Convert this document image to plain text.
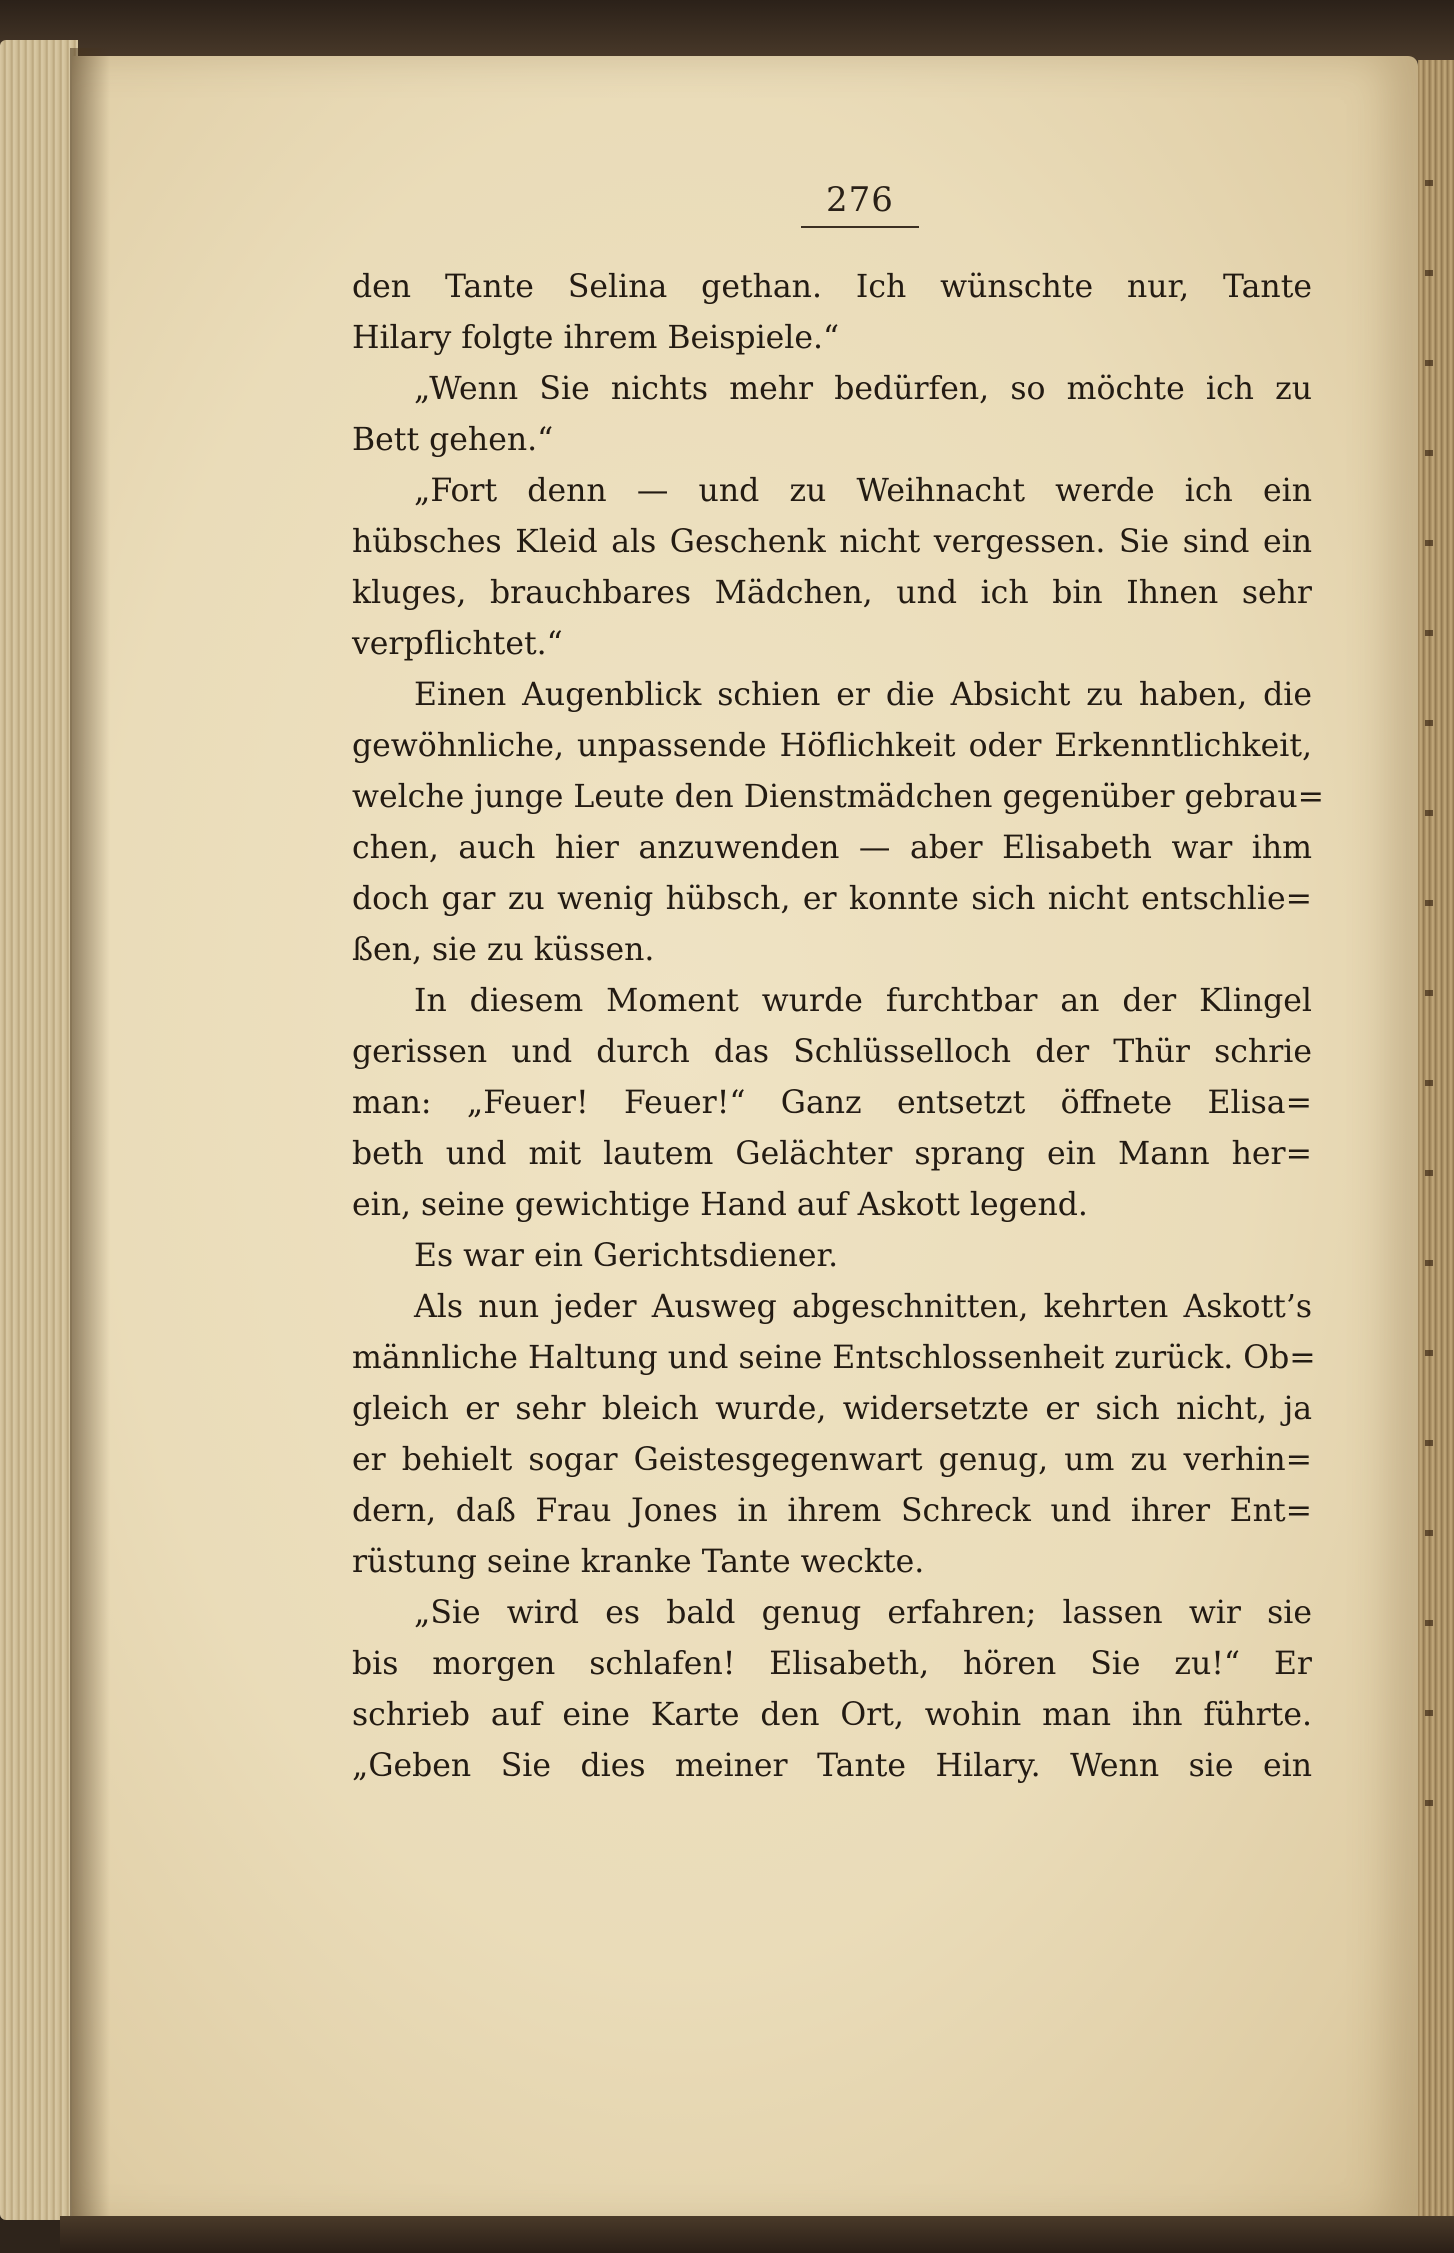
276
den Tante Selina gethan. Ich wünschte nur, Tante
Hilary folgte ihrem Beispiele.“
„Wenn Sie nichts mehr bedürfen, so möchte ich zu
Bett gehen.“
„Fort denn — und zu Weihnacht werde ich ein
hübsches Kleid als Geschenk nicht vergessen. Sie sind ein
kluges, brauchbares Mädchen, und ich bin Ihnen sehr
verpflichtet.“
Einen Augenblick schien er die Absicht zu haben, die
gewöhnliche, unpassende Höflichkeit oder Erkenntlichkeit,
welche junge Leute den Dienstmädchen gegenüber gebrau=
chen, auch hier anzuwenden — aber Elisabeth war ihm
doch gar zu wenig hübsch, er konnte sich nicht entschlie=
ßen, sie zu küssen.
In diesem Moment wurde furchtbar an der Klingel
gerissen und durch das Schlüsselloch der Thür schrie
man: „Feuer! Feuer!“ Ganz entsetzt öffnete Elisa=
beth und mit lautem Gelächter sprang ein Mann her=
ein, seine gewichtige Hand auf Askott legend.
Es war ein Gerichtsdiener.
Als nun jeder Ausweg abgeschnitten, kehrten Askott’s
männliche Haltung und seine Entschlossenheit zurück. Ob=
gleich er sehr bleich wurde, widersetzte er sich nicht, ja
er behielt sogar Geistesgegenwart genug, um zu verhin=
dern, daß Frau Jones in ihrem Schreck und ihrer Ent=
rüstung seine kranke Tante weckte.
„Sie wird es bald genug erfahren; lassen wir sie
bis morgen schlafen! Elisabeth, hören Sie zu!“ Er
schrieb auf eine Karte den Ort, wohin man ihn führte.
„Geben Sie dies meiner Tante Hilary. Wenn sie ein
